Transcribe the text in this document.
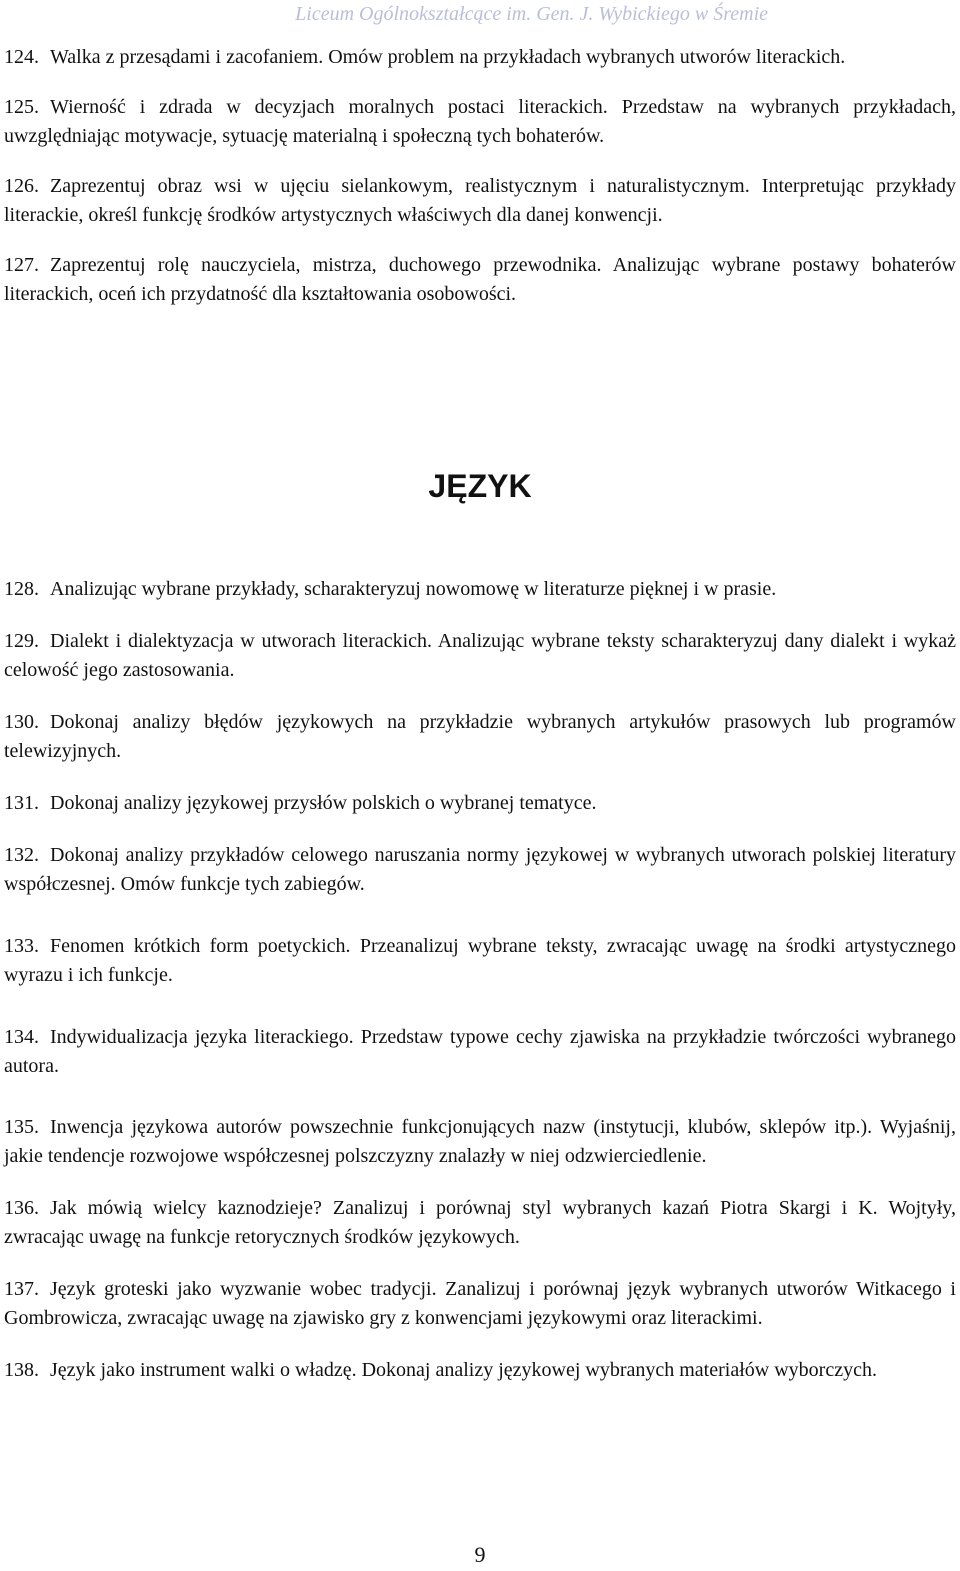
Liceum Ogólnokształcące im. Gen. J. Wybickiego w Śremie

124. Walka z przesądami i zacofaniem. Omów problem na przykładach wybranych utworów literackich.

125. Wierność i zdrada w decyzjach moralnych postaci literackich. Przedstaw na wybranych przykładach, uwzględniając motywacje, sytuację materialną i społeczną tych bohaterów.

126. Zaprezentuj obraz wsi w ujęciu sielankowym, realistycznym i naturalistycznym. Interpretując przykłady literackie, określ funkcję środków artystycznych właściwych dla danej konwencji.

127. Zaprezentuj rolę nauczyciela, mistrza, duchowego przewodnika. Analizując wybrane postawy bohaterów literackich, oceń ich przydatność dla kształtowania osobowości.

JĘZYK

128. Analizując wybrane przykłady, scharakteryzuj nowomowę w literaturze pięknej i w prasie.

129. Dialekt i dialektyzacja w utworach literackich. Analizując wybrane teksty scharakteryzuj dany dialekt i wykaż celowość jego zastosowania.

130. Dokonaj analizy błędów językowych na przykładzie wybranych artykułów prasowych lub programów telewizyjnych.

131. Dokonaj analizy językowej przysłów polskich o wybranej tematyce.

132. Dokonaj analizy przykładów celowego naruszania normy językowej w wybranych utworach polskiej literatury współczesnej. Omów funkcje tych zabiegów.

133. Fenomen krótkich form poetyckich. Przeanalizuj wybrane teksty, zwracając uwagę na środki artystycznego wyrazu i ich funkcje.

134. Indywidualizacja języka literackiego. Przedstaw typowe cechy zjawiska na przykładzie twórczości wybranego autora.

135. Inwencja językowa autorów powszechnie funkcjonujących nazw (instytucji, klubów, sklepów itp.). Wyjaśnij, jakie tendencje rozwojowe współczesnej polszczyzny znalazły w niej odzwierciedlenie.

136. Jak mówią wielcy kaznodzieje? Zanalizuj i porównaj styl wybranych kazań Piotra Skargi i K. Wojtyły, zwracając uwagę na funkcje retorycznych środków językowych.

137. Język groteski jako wyzwanie wobec tradycji. Zanalizuj i porównaj język wybranych utworów Witkacego i Gombrowicza, zwracając uwagę na zjawisko gry z konwencjami językowymi oraz literackimi.

138. Język jako instrument walki o władzę. Dokonaj analizy językowej wybranych materiałów wyborczych.

9
